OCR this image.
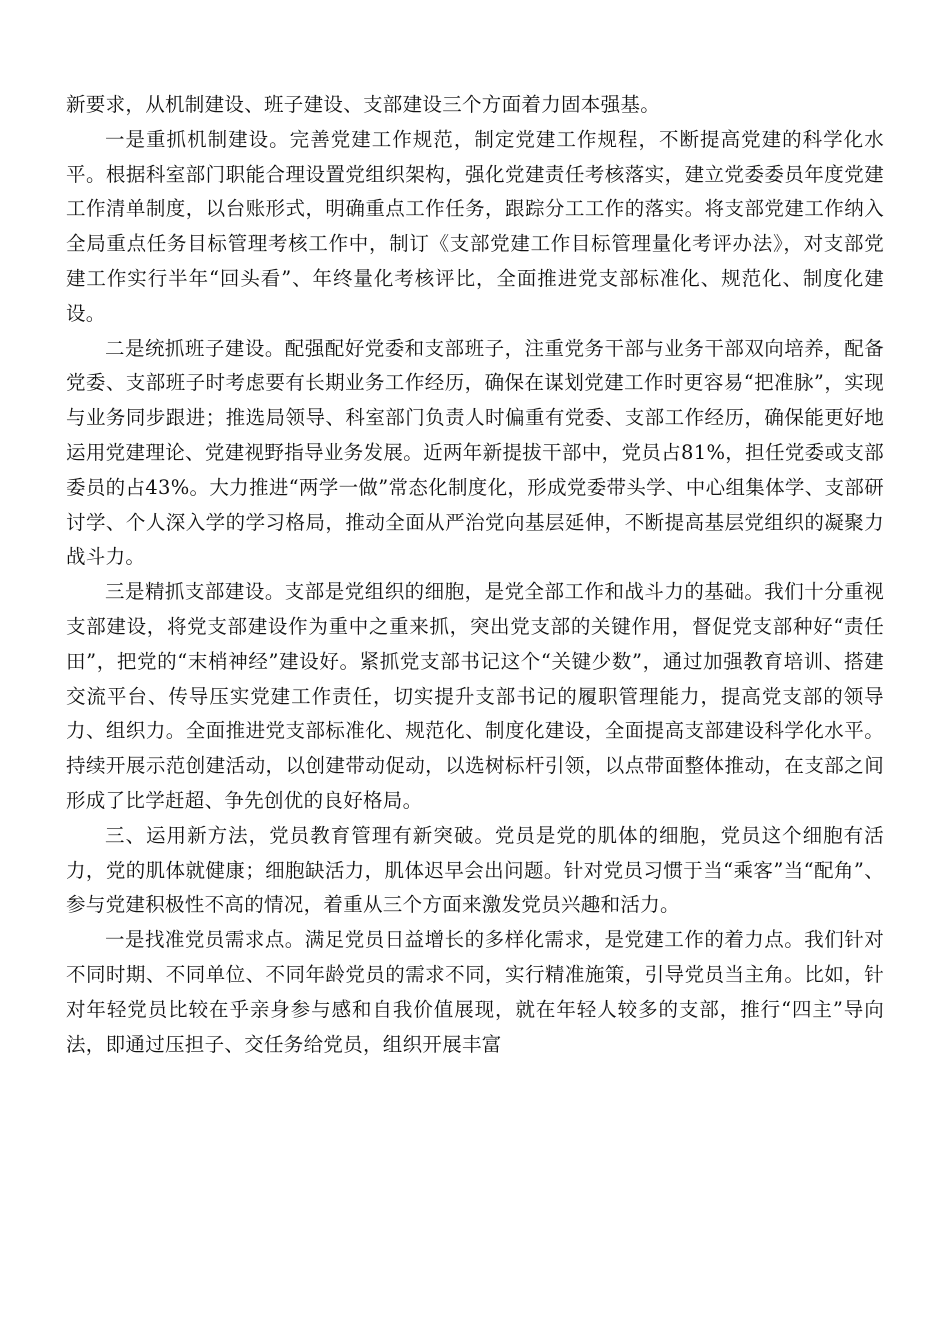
新要求，从机制建设、班子建设、支部建设三个方面着力固本强基。

一是重抓机制建设。完善党建工作规范，制定党建工作规程，不断提高党建的科学化水平。根据科室部门职能合理设置党组织架构，强化党建责任考核落实，建立党委委员年度党建工作清单制度，以台账形式，明确重点工作任务，跟踪分工工作的落实。将支部党建工作纳入全局重点任务目标管理考核工作中，制订《支部党建工作目标管理量化考评办法》，对支部党建工作实行半年“回头看”、年终量化考核评比，全面推进党支部标准化、规范化、制度化建设。

二是统抓班子建设。配强配好党委和支部班子，注重党务干部与业务干部双向培养，配备党委、支部班子时考虑要有长期业务工作经历，确保在谋划党建工作时更容易“把准脉”，实现与业务同步跟进；推选局领导、科室部门负责人时偏重有党委、支部工作经历，确保能更好地运用党建理论、党建视野指导业务发展。近两年新提拔干部中，党员占81%，担任党委或支部委员的占43%。大力推进“两学一做”常态化制度化，形成党委带头学、中心组集体学、支部研讨学、个人深入学的学习格局，推动全面从严治党向基层延伸，不断提高基层党组织的凝聚力战斗力。

三是精抓支部建设。支部是党组织的细胞，是党全部工作和战斗力的基础。我们十分重视支部建设，将党支部建设作为重中之重来抓，突出党支部的关键作用，督促党支部种好“责任田”，把党的“末梢神经”建设好。紧抓党支部书记这个“关键少数”，通过加强教育培训、搭建交流平台、传导压实党建工作责任，切实提升支部书记的履职管理能力，提高党支部的领导力、组织力。全面推进党支部标准化、规范化、制度化建设，全面提高支部建设科学化水平。持续开展示范创建活动，以创建带动促动，以选树标杆引领，以点带面整体推动，在支部之间形成了比学赶超、争先创优的良好格局。

三、运用新方法，党员教育管理有新突破。党员是党的肌体的细胞，党员这个细胞有活力，党的肌体就健康；细胞缺活力，肌体迟早会出问题。针对党员习惯于当“乘客”当“配角”、参与党建积极性不高的情况，着重从三个方面来激发党员兴趣和活力。

一是找准党员需求点。满足党员日益增长的多样化需求，是党建工作的着力点。我们针对不同时期、不同单位、不同年龄党员的需求不同，实行精准施策，引导党员当主角。比如，针对年轻党员比较在乎亲身参与感和自我价值展现，就在年轻人较多的支部，推行“四主”导向法，即通过压担子、交任务给党员，组织开展丰富
